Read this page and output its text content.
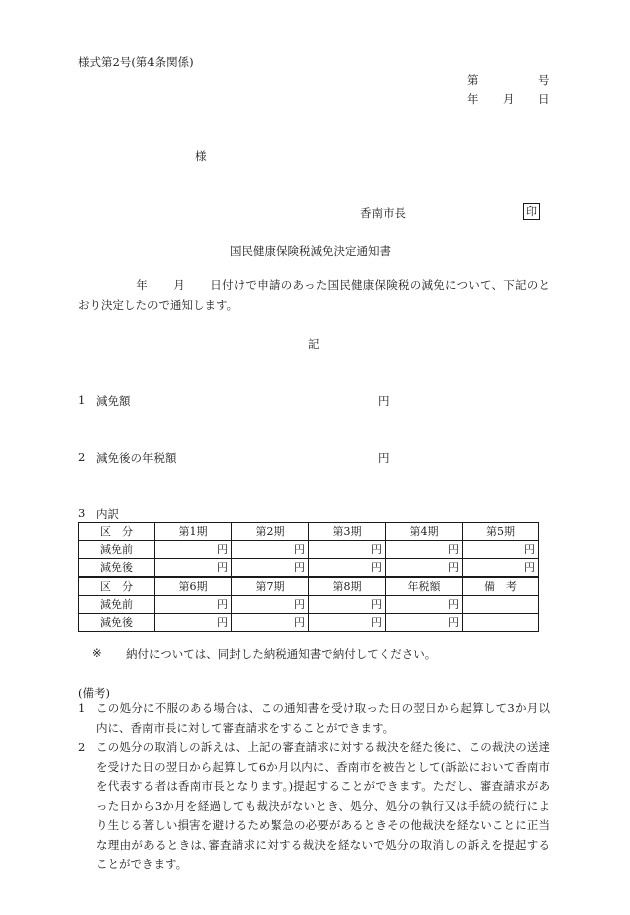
様式第2号(第4条関係)
第	号
年 月 日
様
香南市長	印
国民健康保険税減免決定通知書
年 月 日付けで申請のあった国民健康保険税の減免について、下記のとおり決定したので通知します。
記
1 減免額	円
2 減免後の年税額	円
3 内訳
区　分	第1期	第2期	第3期	第4期	第5期
減免前	円	円	円	円	円
減免後	円	円	円	円	円
区　分	第6期	第7期	第8期	年税額	備　考
減免前	円	円	円	円	
減免後	円	円	円	円	
※ 納付については、同封した納税通知書で納付してください。
(備考)
1 この処分に不服のある場合は、この通知書を受け取った日の翌日から起算して3か月以内に、香南市長に対して審査請求をすることができます。
2 この処分の取消しの訴えは、上記の審査請求に対する裁決を経た後に、この裁決の送達を受けた日の翌日から起算して6か月以内に、香南市を被告として(訴訟において香南市を代表する者は香南市長となります。)提起することができます。ただし、審査請求があった日から3か月を経過しても裁決がないとき、処分、処分の執行又は手続の続行により生じる著しい損害を避けるため緊急の必要があるときその他裁決を経ないことに正当な理由があるときは､審査請求に対する裁決を経ないで処分の取消しの訴えを提起することができます。
